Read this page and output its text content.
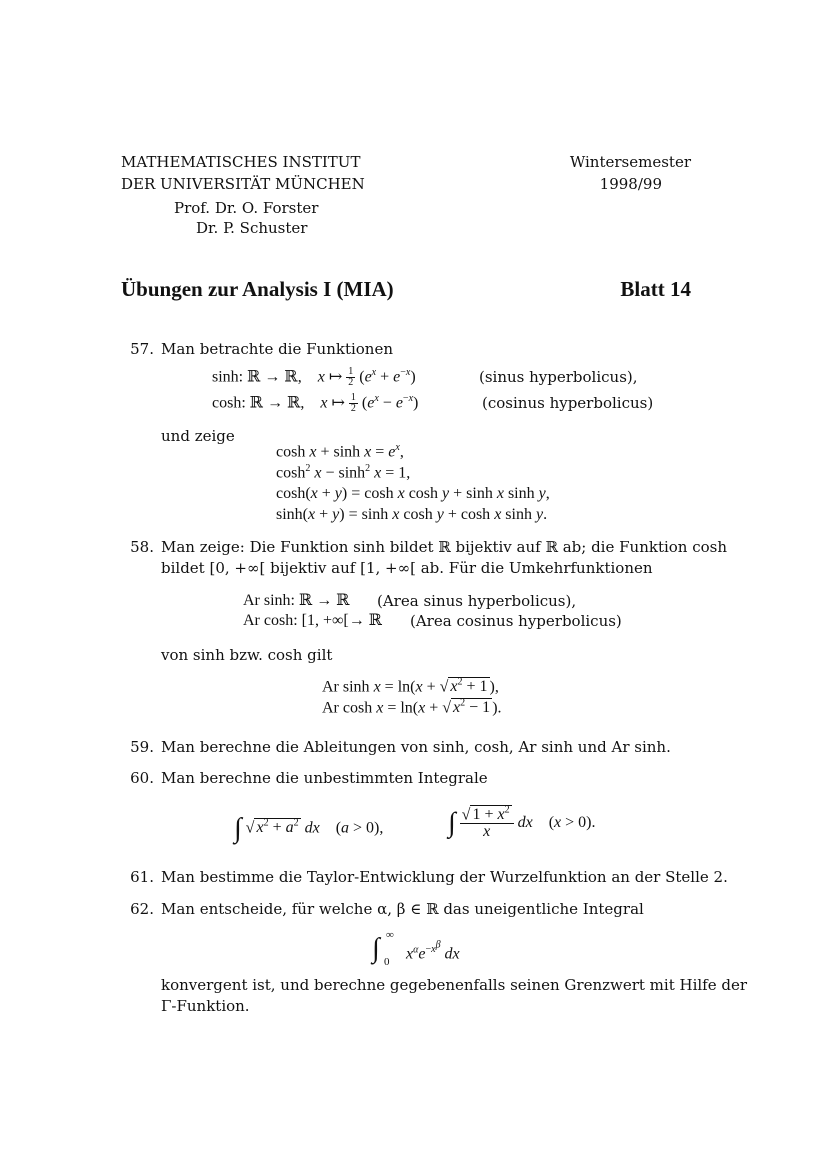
MATHEMATISCHES INSTITUT
DER UNIVERSITÄT MÜNCHEN
Prof. Dr. O. Forster
Dr. P. Schuster
Wintersemester
1998/99
Übungen zur Analysis I (MIA)	Blatt 14
57. Man betrachte die Funktionen
sinh: ℝ → ℝ,    x ↦ $\frac{1}{2} (e^x + e^{-x})$	(sinus hyperbolicus),
cosh: ℝ → ℝ,    x ↦ $\frac{1}{2} (e^x - e^{-x})$	(cosinus hyperbolicus)
und zeige
$\cosh x + \sinh x = e^x$,
$\cosh^2 x - \sinh^2 x = 1$,
cosh(x + y) = cosh x cosh y + sinh x sinh y,
sinh(x + y) = sinh x cosh y + cosh x sinh y.
58. Man zeige: Die Funktion sinh bildet ℝ bijektiv auf ℝ ab; die Funktion cosh
bildet [0, +∞[ bijektiv auf [1, +∞[ ab. Für die Umkehrfunktionen
Ar sinh: ℝ → ℝ (Area sinus hyperbolicus),
Ar cosh: [1, +∞[→ ℝ (Area cosinus hyperbolicus)
von sinh bzw. cosh gilt
Ar sinh x = ln(x + √ $x^2 + 1$ ),
Ar cosh x = ln(x + √ $x^2 - 1$ ).
59. Man berechne die Ableitungen von sinh, cosh, Ar sinh und Ar sinh.
60. Man berechne die unbestimmten Integrale
∫ √ $x^2 + a^2$ dx    (a > 0), ∫ $\frac{√ 1 + x^2}{x}$ dx    (x > 0).
61. Man bestimme die Taylor-Entwicklung der Wurzelfunktion an der Stelle 2.
62. Man entscheide, für welche α, β ∈ ℝ das uneigentliche Integral
∫ ∞
0 $x^\alpha e^{-x^\beta}$ dx
konvergent ist, und berechne gegebenenfalls seinen Grenzwert mit Hilfe der
Γ-Funktion.
